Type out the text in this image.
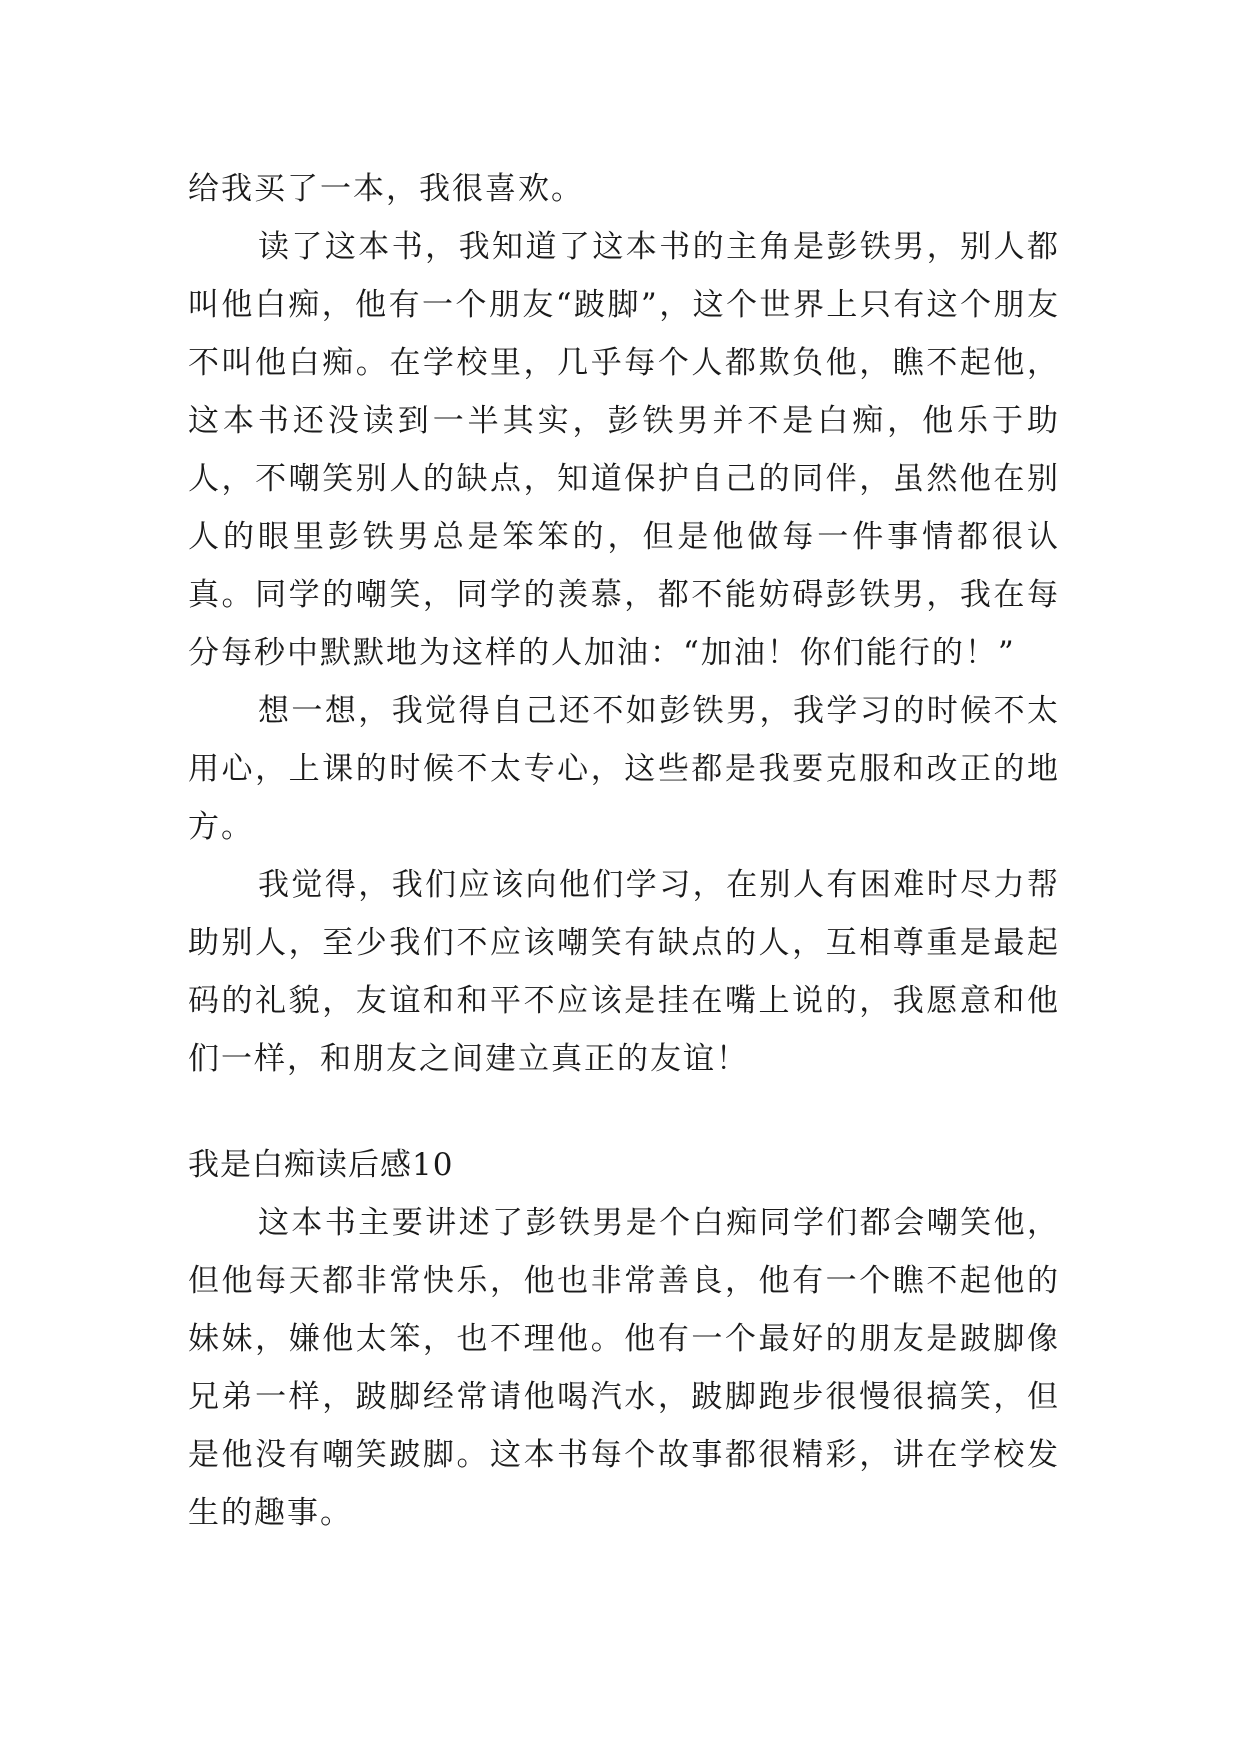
给我买了一本，我很喜欢。

读了这本书，我知道了这本书的主角是彭铁男，别人都叫他白痴，他有一个朋友“跛脚”，这个世界上只有这个朋友不叫他白痴。在学校里，几乎每个人都欺负他，瞧不起他，这本书还没读到一半其实，彭铁男并不是白痴，他乐于助人，不嘲笑别人的缺点，知道保护自己的同伴，虽然他在别人的眼里彭铁男总是笨笨的，但是他做每一件事情都很认真。同学的嘲笑，同学的羡慕，都不能妨碍彭铁男，我在每分每秒中默默地为这样的人加油：“加油！你们能行的！”

想一想，我觉得自己还不如彭铁男，我学习的时候不太用心，上课的时候不太专心，这些都是我要克服和改正的地方。

我觉得，我们应该向他们学习，在别人有困难时尽力帮助别人，至少我们不应该嘲笑有缺点的人，互相尊重是最起码的礼貌，友谊和和平不应该是挂在嘴上说的，我愿意和他们一样，和朋友之间建立真正的友谊！

我是白痴读后感10

这本书主要讲述了彭铁男是个白痴同学们都会嘲笑他，但他每天都非常快乐，他也非常善良，他有一个瞧不起他的妹妹，嫌他太笨，也不理他。他有一个最好的朋友是跛脚像兄弟一样，跛脚经常请他喝汽水，跛脚跑步很慢很搞笑，但是他没有嘲笑跛脚。这本书每个故事都很精彩，讲在学校发生的趣事。
